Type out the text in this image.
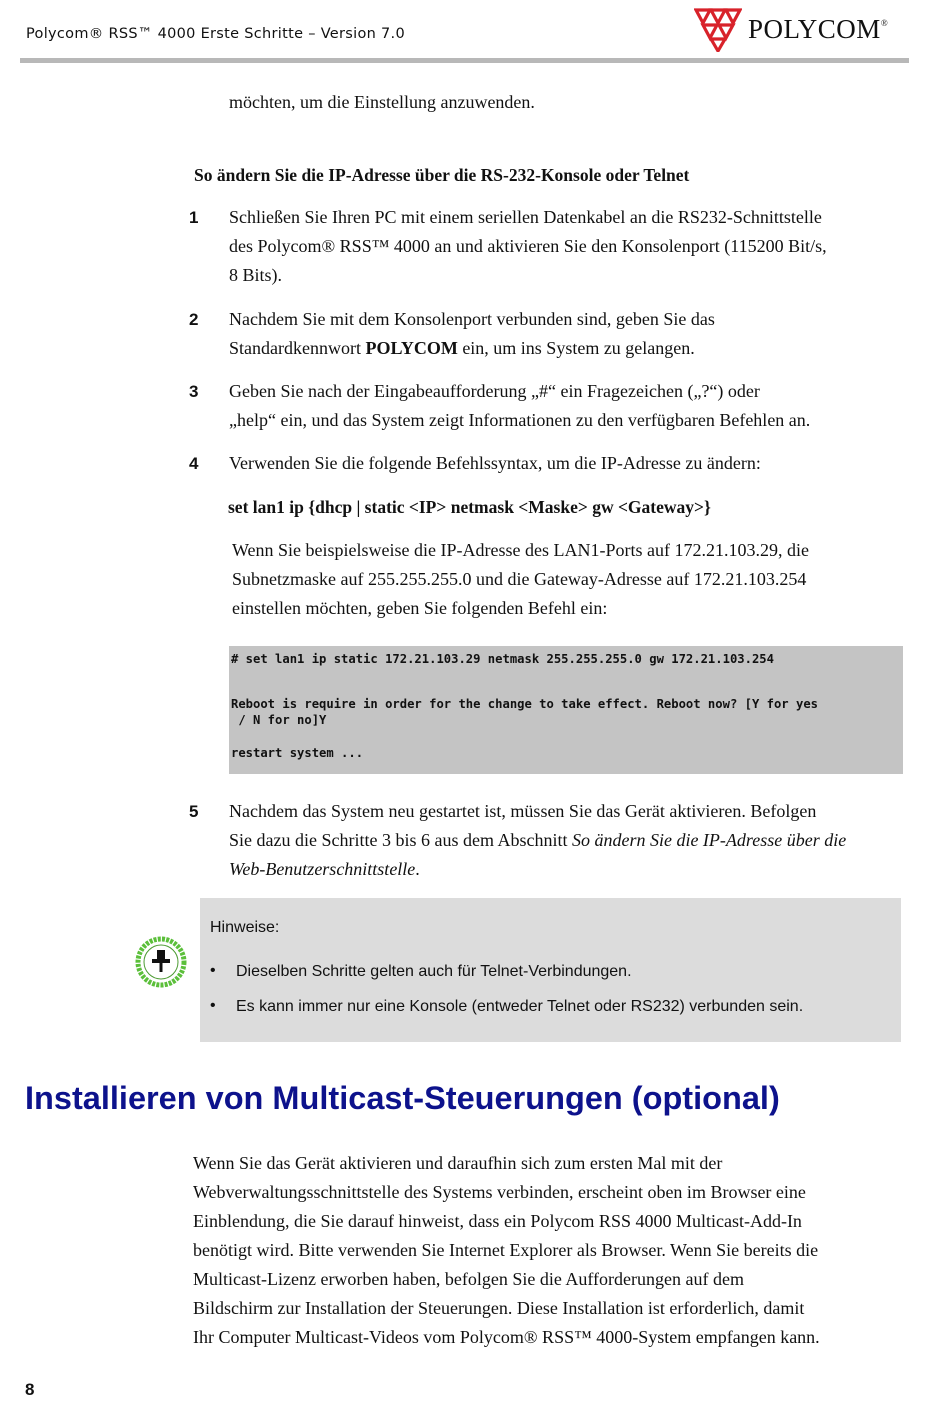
Polycom® RSS™ 4000 Erste Schritte – Version 7.0	POLYCOM®
möchten, um die Einstellung anzuwenden.
So ändern Sie die IP-Adresse über die RS-232-Konsole oder Telnet
1 Schließen Sie Ihren PC mit einem seriellen Datenkabel an die RS232-Schnittstelle
des Polycom® RSS™ 4000 an und aktivieren Sie den Konsolenport (115200 Bit/s,
8 Bits).
2 Nachdem Sie mit dem Konsolenport verbunden sind, geben Sie das
Standardkennwort POLYCOM ein, um ins System zu gelangen.
3 Geben Sie nach der Eingabeaufforderung „#“ ein Fragezeichen („?“) oder
„help“ ein, und das System zeigt Informationen zu den verfügbaren Befehlen an.
4 Verwenden Sie die folgende Befehlssyntax, um die IP-Adresse zu ändern:
set lan1 ip {dhcp | static <IP> netmask <Maske> gw <Gateway>}
Wenn Sie beispielsweise die IP-Adresse des LAN1-Ports auf 172.21.103.29, die
Subnetzmaske auf 255.255.255.0 und die Gateway-Adresse auf 172.21.103.254
einstellen möchten, geben Sie folgenden Befehl ein:
# set lan1 ip static 172.21.103.29 netmask 255.255.255.0 gw 172.21.103.254
Reboot is require in order for the change to take effect. Reboot now? [Y for yes
/ N for no]Y
restart system ...
5 Nachdem das System neu gestartet ist, müssen Sie das Gerät aktivieren. Befolgen
Sie dazu die Schritte 3 bis 6 aus dem Abschnitt So ändern Sie die IP-Adresse über die
Web-Benutzerschnittstelle.
Hinweise:
• Dieselben Schritte gelten auch für Telnet-Verbindungen.
• Es kann immer nur eine Konsole (entweder Telnet oder RS232) verbunden sein.
Installieren von Multicast-Steuerungen (optional)
Wenn Sie das Gerät aktivieren und daraufhin sich zum ersten Mal mit der
Webverwaltungsschnittstelle des Systems verbinden, erscheint oben im Browser eine
Einblendung, die Sie darauf hinweist, dass ein Polycom RSS 4000 Multicast-Add-In
benötigt wird. Bitte verwenden Sie Internet Explorer als Browser. Wenn Sie bereits die
Multicast-Lizenz erworben haben, befolgen Sie die Aufforderungen auf dem
Bildschirm zur Installation der Steuerungen. Diese Installation ist erforderlich, damit
Ihr Computer Multicast-Videos vom Polycom® RSS™ 4000-System empfangen kann.
8
